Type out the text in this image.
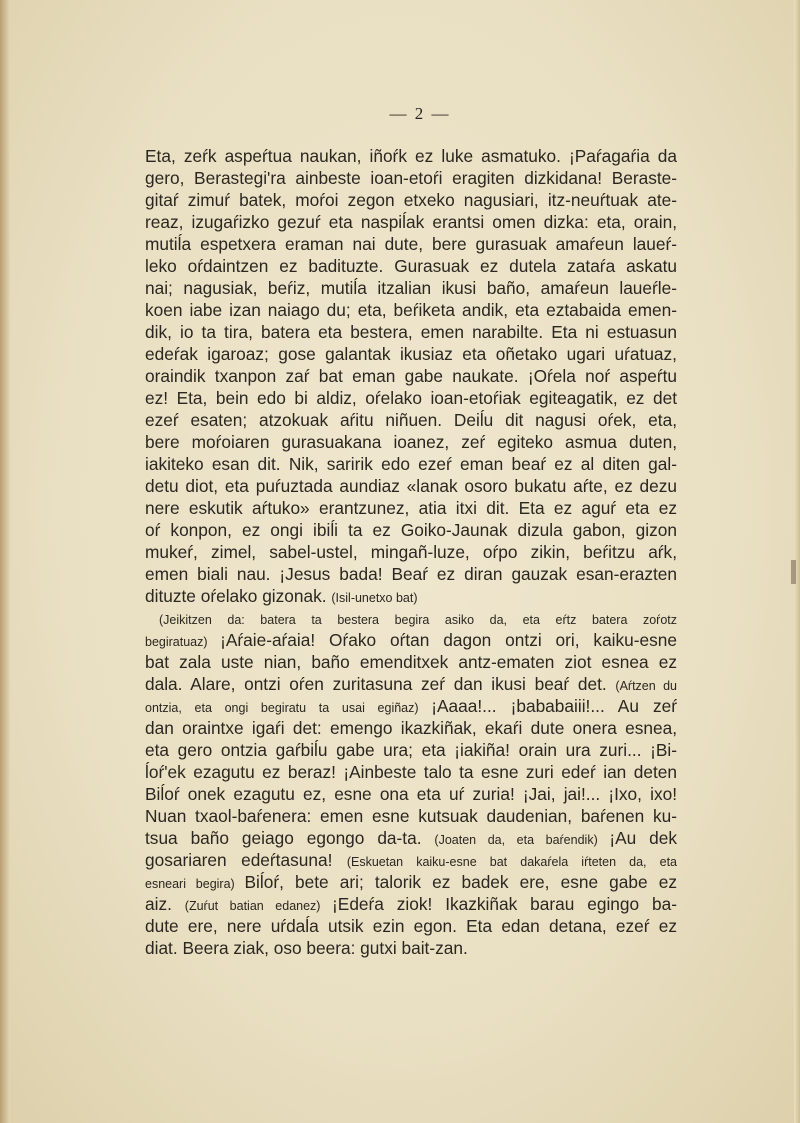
— 2 —
Eta, zeŕk aspeŕtua naukan, iñoŕk ez luke asmatuko. ¡Paŕagaŕia da
gero, Berastegi'ra ainbeste ioan-etoŕi eragiten dizkidana! Beraste-
gitaŕ zimuŕ batek, moŕoi zegon etxeko nagusiari, itz-neuŕtuak ate-
reaz, izugaŕizko gezuŕ eta naspiĺak erantsi omen dizka: eta, orain,
mutiĺa espetxera eraman nai dute, bere gurasuak amaŕeun laueŕ-
leko oŕdaintzen ez badituzte. Gurasuak ez dutela zataŕa askatu
nai; nagusiak, beŕiz, mutiĺa itzalian ikusi baño, amaŕeun laueŕle-
koen iabe izan naiago du; eta, beŕiketa andik, eta eztabaida emen-
dik, io ta tira, batera eta bestera, emen narabilte. Eta ni estuasun
edeŕak igaroaz; gose galantak ikusiaz eta oñetako ugari uŕatuaz,
oraindik txanpon zaŕ bat eman gabe naukate. ¡Oŕela noŕ aspeŕtu
ez! Eta, bein edo bi aldiz, oŕelako ioan-etoŕiak egiteagatik, ez det
ezeŕ esaten; atzokuak aŕitu niñuen. Deiĺu dit nagusi oŕek, eta,
bere moŕoiaren gurasuakana ioanez, zeŕ egiteko asmua duten,
iakiteko esan dit. Nik, saririk edo ezeŕ eman beaŕ ez al diten gal-
detu diot, eta puŕuztada aundiaz «lanak osoro bukatu aŕte, ez dezu
nere eskutik aŕtuko» erantzunez, atia itxi dit. Eta ez aguŕ eta ez
oŕ konpon, ez ongi ibiĺi ta ez Goiko-Jaunak dizula gabon, gizon
mukeŕ, zimel, sabel-ustel, mingañ-luze, oŕpo zikin, beŕitzu aŕk,
emen biali nau. ¡Jesus bada! Beaŕ ez diran gauzak esan-erazten
dituzte oŕelako gizonak. (Isil-unetxo bat)
(Jeikitzen da: batera ta bestera begira asiko da, eta eŕtz batera zoŕotz
begiratuaz) ¡Aŕaie-aŕaia! Oŕako oŕtan dagon ontzi ori, kaiku-esne
bat zala uste nian, baño emenditxek antz-ematen ziot esnea ez
dala. Alare, ontzi oŕen zuritasuna zeŕ dan ikusi beaŕ det. (Aŕtzen du
ontzia, eta ongi begiratu ta usai egiñaz) ¡Aaaa!... ¡bababaiii!... Au zeŕ
dan oraintxe igaŕi det: emengo ikazkiñak, ekaŕi dute onera esnea,
eta gero ontzia gaŕbiĺu gabe ura; eta ¡iakiña! orain ura zuri... ¡Bi-
ĺoŕ'ek ezagutu ez beraz! ¡Ainbeste talo ta esne zuri edeŕ ian deten
Biĺoŕ onek ezagutu ez, esne ona eta uŕ zuria! ¡Jai, jai!... ¡Ixo, ixo!
Nuan txaol-baŕenera: emen esne kutsuak daudenian, baŕenen ku-
tsua baño geiago egongo da-ta. (Joaten da, eta baŕendik) ¡Au dek
gosariaren edeŕtasuna! (Eskuetan kaiku-esne bat dakaŕela iŕteten da, eta
esneari begira) Biĺoŕ, bete ari; talorik ez badek ere, esne gabe ez
aiz. (Zuŕut batian edanez) ¡Edeŕa ziok! Ikazkiñak barau egingo ba-
dute ere, nere uŕdaĺa utsik ezin egon. Eta edan detana, ezeŕ ez
diat. Beera ziak, oso beera: gutxi bait-zan.
